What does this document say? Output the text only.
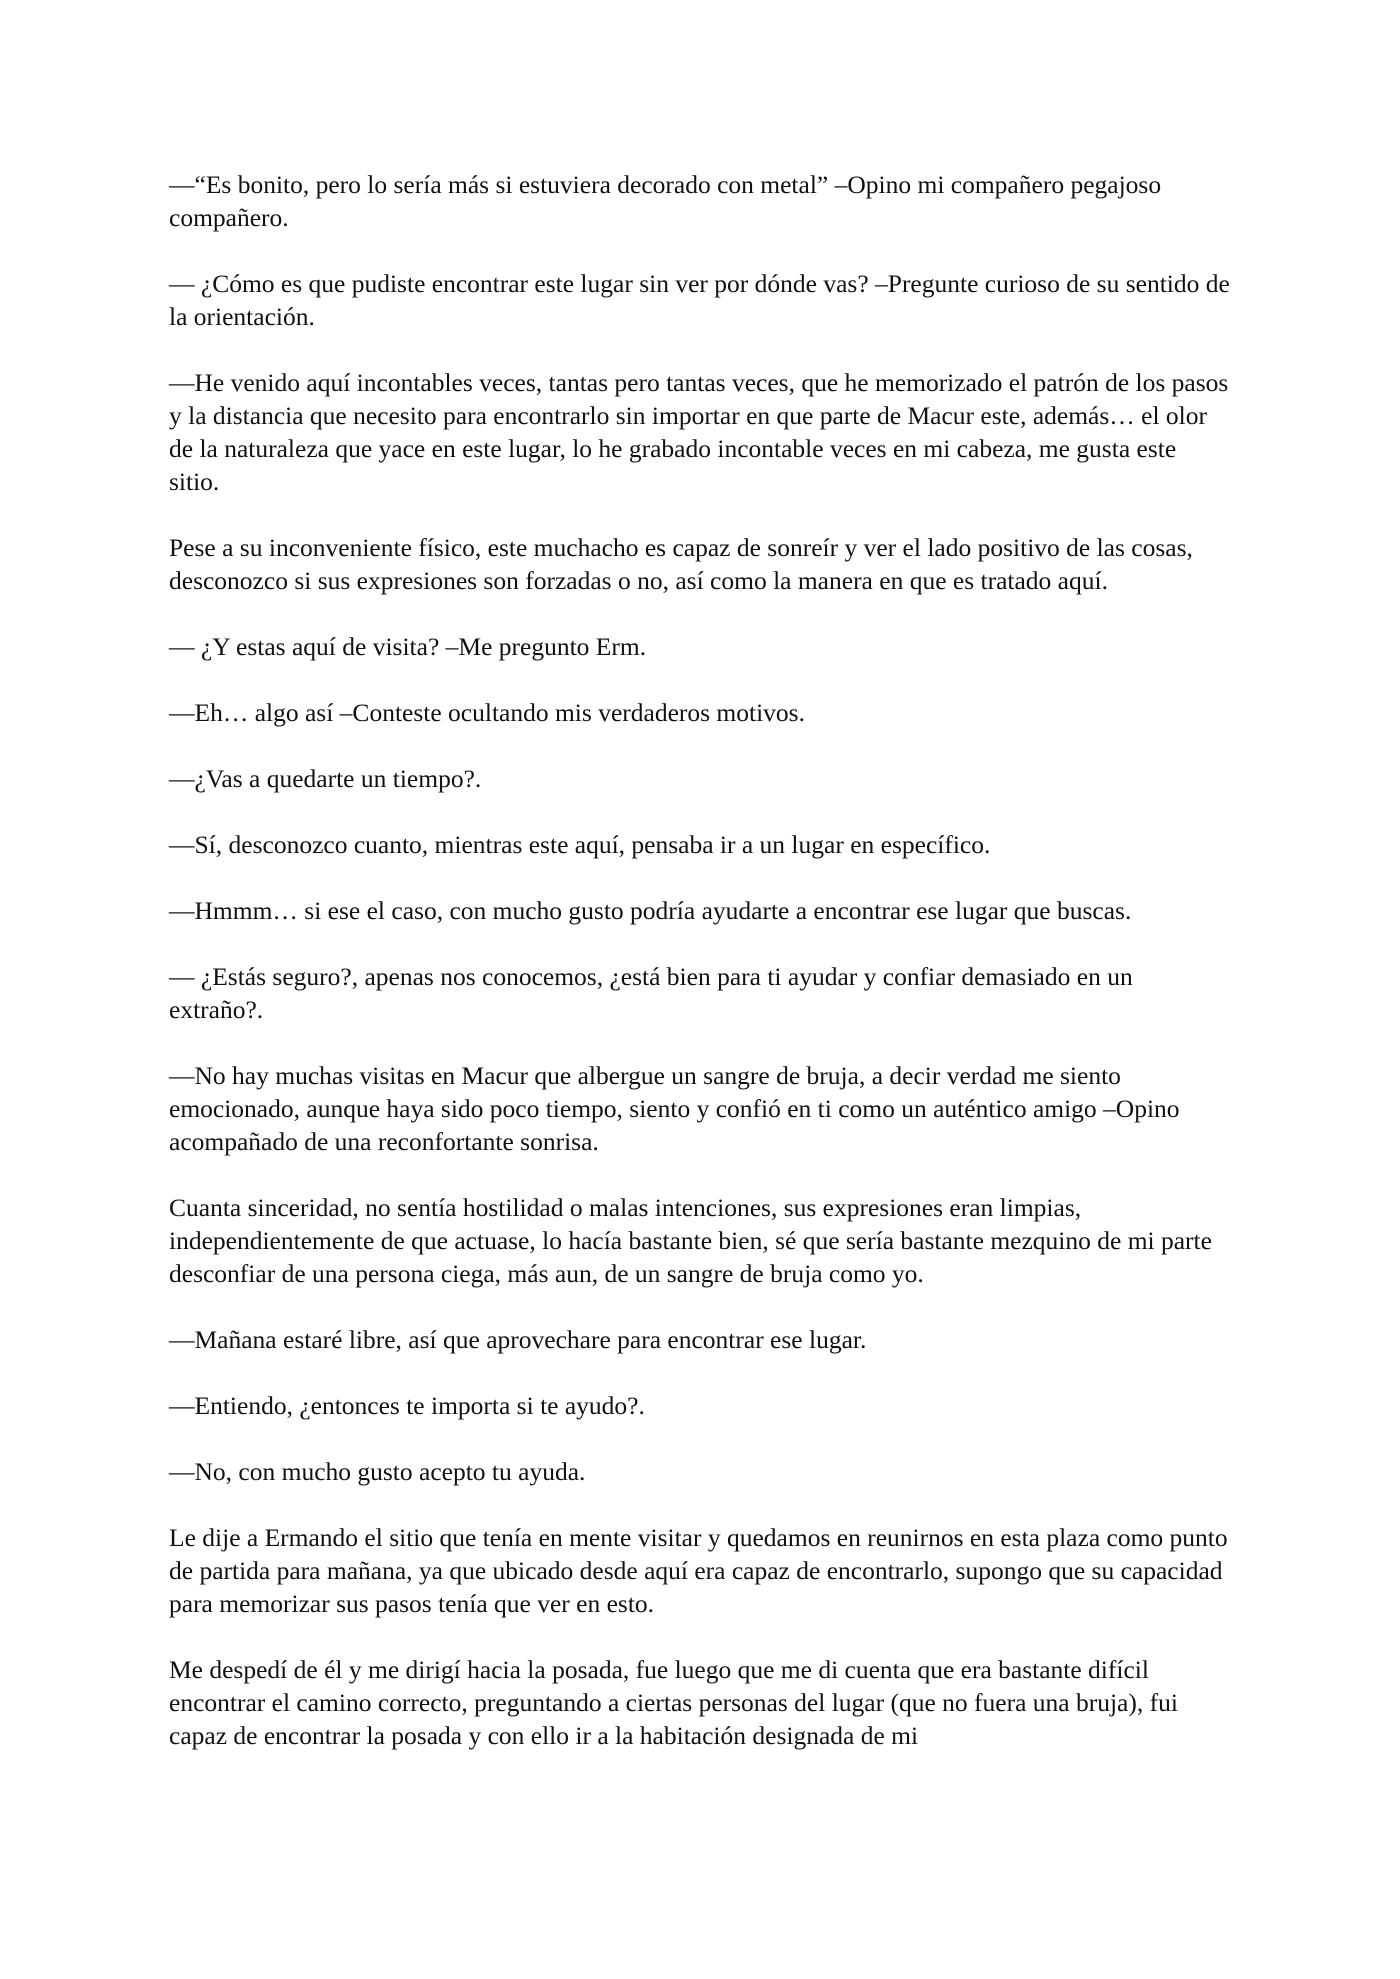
—“Es bonito, pero lo sería más si estuviera decorado con metal” –Opino mi compañero pegajoso compañero.

— ¿Cómo es que pudiste encontrar este lugar sin ver por dónde vas? –Pregunte curioso de su sentido de la orientación.

—He venido aquí incontables veces, tantas pero tantas veces, que he memorizado el patrón de los pasos y la distancia que necesito para encontrarlo sin importar en que parte de Macur este, además… el olor de la naturaleza que yace en este lugar, lo he grabado incontable veces en mi cabeza, me gusta este sitio.

Pese a su inconveniente físico, este muchacho es capaz de sonreír y ver el lado positivo de las cosas, desconozco si sus expresiones son forzadas o no, así como la manera en que es tratado aquí.

— ¿Y estas aquí de visita? –Me pregunto Erm.

—Eh… algo así –Conteste ocultando mis verdaderos motivos.

—¿Vas a quedarte un tiempo?.

—Sí, desconozco cuanto, mientras este aquí, pensaba ir a un lugar en específico.

—Hmmm… si ese el caso, con mucho gusto podría ayudarte a encontrar ese lugar que buscas.

— ¿Estás seguro?, apenas nos conocemos, ¿está bien para ti ayudar y confiar demasiado en un extraño?.

—No hay muchas visitas en Macur que albergue un sangre de bruja, a decir verdad me siento emocionado, aunque haya sido poco tiempo, siento y confió en ti como un auténtico amigo –Opino acompañado de una reconfortante sonrisa.

Cuanta sinceridad, no sentía hostilidad o malas intenciones, sus expresiones eran limpias, independientemente de que actuase, lo hacía bastante bien, sé que sería bastante mezquino de mi parte desconfiar de una persona ciega, más aun, de un sangre de bruja como yo.

—Mañana estaré libre, así que aprovechare para encontrar ese lugar.

—Entiendo, ¿entonces te importa si te ayudo?.

—No, con mucho gusto acepto tu ayuda.

Le dije a Ermando el sitio que tenía en mente visitar y quedamos en reunirnos en esta plaza como punto de partida para mañana, ya que ubicado desde aquí era capaz de encontrarlo, supongo que su capacidad para memorizar sus pasos tenía que ver en esto.

Me despedí de él y me dirigí hacia la posada, fue luego que me di cuenta que era bastante difícil encontrar el camino correcto, preguntando a ciertas personas del lugar (que no fuera una bruja), fui capaz de encontrar la posada y con ello ir a la habitación designada de mi
